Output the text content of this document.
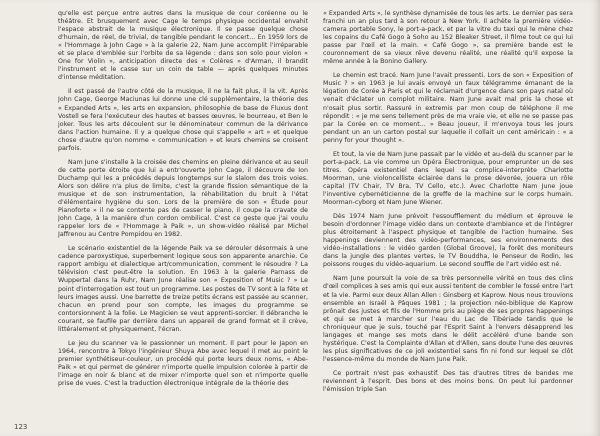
qu'elle est perçue entre autres dans la musique de cour coréenne ou le théâtre. Et brusquement avec Cage le temps physique occidental envahit l'espace abstrait de la musique électronique. Il se passe quelque chose d'humain, de réel, de trivial, de tangible pendant le concert... En 1959 lors de « l'Hommage à John Cage » à la galerie 22, Nam June accomplit l'irréparable et se place d'emblée sur l'orbite de sa légende : dans son solo pour violon « One for Violin », anticipation directe des « Colères » d'Arman, il brandit l'instrument et le casse sur un coin de table — après quelques minutes d'intense méditation.

Il est passé de l'autre côté de la musique, il ne la fait plus, il la vit. Après John Cage, George Maciunas lui donne une clé supplémentaire, la théorie des « Expanded Arts », les arts en expansion, philosophie de base de Fluxus dont Vostell se fera l'exécuteur des hautes et basses œuvres, le bourreau, et Ben le joker. Tous les arts découlent sur le dénominateur commun de la dérivance dans l'action humaine. Il y a quelque chose qui s'appelle « art » et quelque chose d'autre qu'on nomme « communication » et leurs chemins se croisent parfois.

Nam June s'installe à la croisée des chemins en pleine dérivance et au seuil de cette porte étroite que lui a entr'ouverte John Cage, il découvre de Ion Duchamp qui les a précédés depuis longtemps sur le slalom des trois voies. Alors son délire n'a plus de limite, c'est la grande fission sémantique de la musique et de son instrumentation, la réhabilitation du bruit à l'état d'élémentaire hygiène du son. Lors de la première de son « Étude pour Pianoforte » il ne se contente pas de casser le piano, il coupe la cravate de John Cage, à la manière d'un cordon ombilical. C'est ce geste que j'ai voulu rappeler lors de « l'Hommage à Paik », un show-vidéo réalisé par Michel Jaffrenou au Centre Pompidou en 1982.

Le scénario existentiel de la légende Paik va se dérouler désormais à une cadence paroxystique, superbement logique sous son apparente anarchie. Ce rapport ambigu et dialectique art/communication, comment le résoudre ? La télévision c'est peut-être la solution. En 1963 à la galerie Parnass de Wuppertal dans la Ruhr, Nam June réalise son « Exposition of Music ? » Le point d'interrogation est tout un programme. Les postes de TV sont à la fête et leurs images aussi. Une barrette de treize petits écrans est passée au scanner, chacun en prend pour son compte, les images du programme se contorsionnent à la folie. Le Magicien se veut apprenti-sorcier. Il débranche le courant, se faufile par derrière dans un appareil de grand format et il crève, littéralement et physiquement, l'écran.

Le jeu du scanner va le passionner un moment. Il part pour le Japon en 1964, rencontre à Tokyo l'ingénieur Shuya Abe avec lequel il met au point le premier synthétiseur-couleur, un procédé qui porte leurs deux noms, « Abe-Paik » et qui permet de générer n'importe quelle impulsion colorée à partir de l'image en noir & blanc et de mixer n'importe quel son et n'importe quelle prise de vues. C'est la traduction électronique intégrale de la théorie des

« Expanded Arts », le synthèse dynamisée de tous les arts. Le dernier pas sera franchi un an plus tard à son retour à New York. Il achète la première vidéo-camera portable Sony, le port-a-pack, et par la vitre du taxi qui le mène chez les copains du Café Gogo à Soho au 152 Bleaker Street, il filme tout ce qui lui passe par l'œil et la main. « Café Gogo », sa première bande est le couronnement de sa vieux rêve devenu réalité, une réalité qu'il expose la même année à la Bonino Gallery.

Le chemin est tracé. Nam June l'avait pressenti. Lors de son « Exposition of Music ? » en 1963 je lui avais envoyé un faux télégramme émanant de la légation de Corée à Paris et qui le réclamait d'urgence dans son pays natal où venait d'éclater un complot militaire. Nam June avait mal pris la chose et n'osait plus sortir. Rassuré in extremis par mon coup de téléphone il me répondit : « je me sens tellement près de ma vraie vie, et elle ne se passe pas par la Corée en ce moment... » Beau joueur, il m'envoya tous les jours pendant un an un carton postal sur laquelle il collait un cent américain : « a penny for your thought ».

Et tout, la vie de Nam June passait par le vidéo et au-delà du scanner par le port-a-pack. La vie comme un Opéra Électronique, pour emprunter un de ses titres. Opéra existentiel dans lequel sa complice-interprète Charlotte Moorman, une violoncelliste éclairée dans le prose dévorée, jouera un rôle capital (TV Chair, TV Bra, TV Cello, etc.). Avec Charlotte Nam June joue l'inventive cybernéticienne de la greffe de la machine sur le corps humain. Moorman-cyborg et Nam June Wiener.

Dès 1974 Nam June prévoit l'essoufflement du médium et éprouve le besoin d'ordonner l'image vidéo dans un contexte d'ambiance et de l'intégrer plus étroitement à l'aspect physique et tangible de l'action humaine. Ses happenings deviennent des vidéo-performances, ses environnements des vidéo-installations : le vidéo garden (Global Groove), la forêt des moniteurs dans la jungle des plantes vertes, le TV Bouddha, le Penseur de Rodin, les poissons rouges du vidéo-aquarium. Le second souffle de l'art vidéo est né.

Nam June poursuit la voie de sa très personnelle vérité en tous des clins d'œil complices à ses amis qui eux aussi tentent de combler le fossé entre l'art et la vie. Parmi eux deux Allan Allen : Ginsberg et Kaprow. Nous nous trouvions ensemble en Israël à Pâques 1981 ; la projection néo-biblique de Kaprow prônait des justes et fils de l'Homme pris au piège de ses propres happenings et qui se met à marcher sur l'eau du Lac de Tibériade tandis que le chroniqueur que je suis, touché par l'Esprit Saint à l'envers désapprend les langages et mange ses mots dans le délit accéléré d'une bande son hystérique. C'est la Complainte d'Allan et d'Allen, sans doute l'une des œuvres les plus significatives de ce joli existentiel sans fin ni fond sur lequel se clôt l'essence-même du monde de Nam June Paik.

Ce portrait n'est pas exhaustif. Des tas d'autres titres de bandes me reviennent à l'esprit. Des bons et des moins bons. On peut lui pardonner l'émission triple San

123
